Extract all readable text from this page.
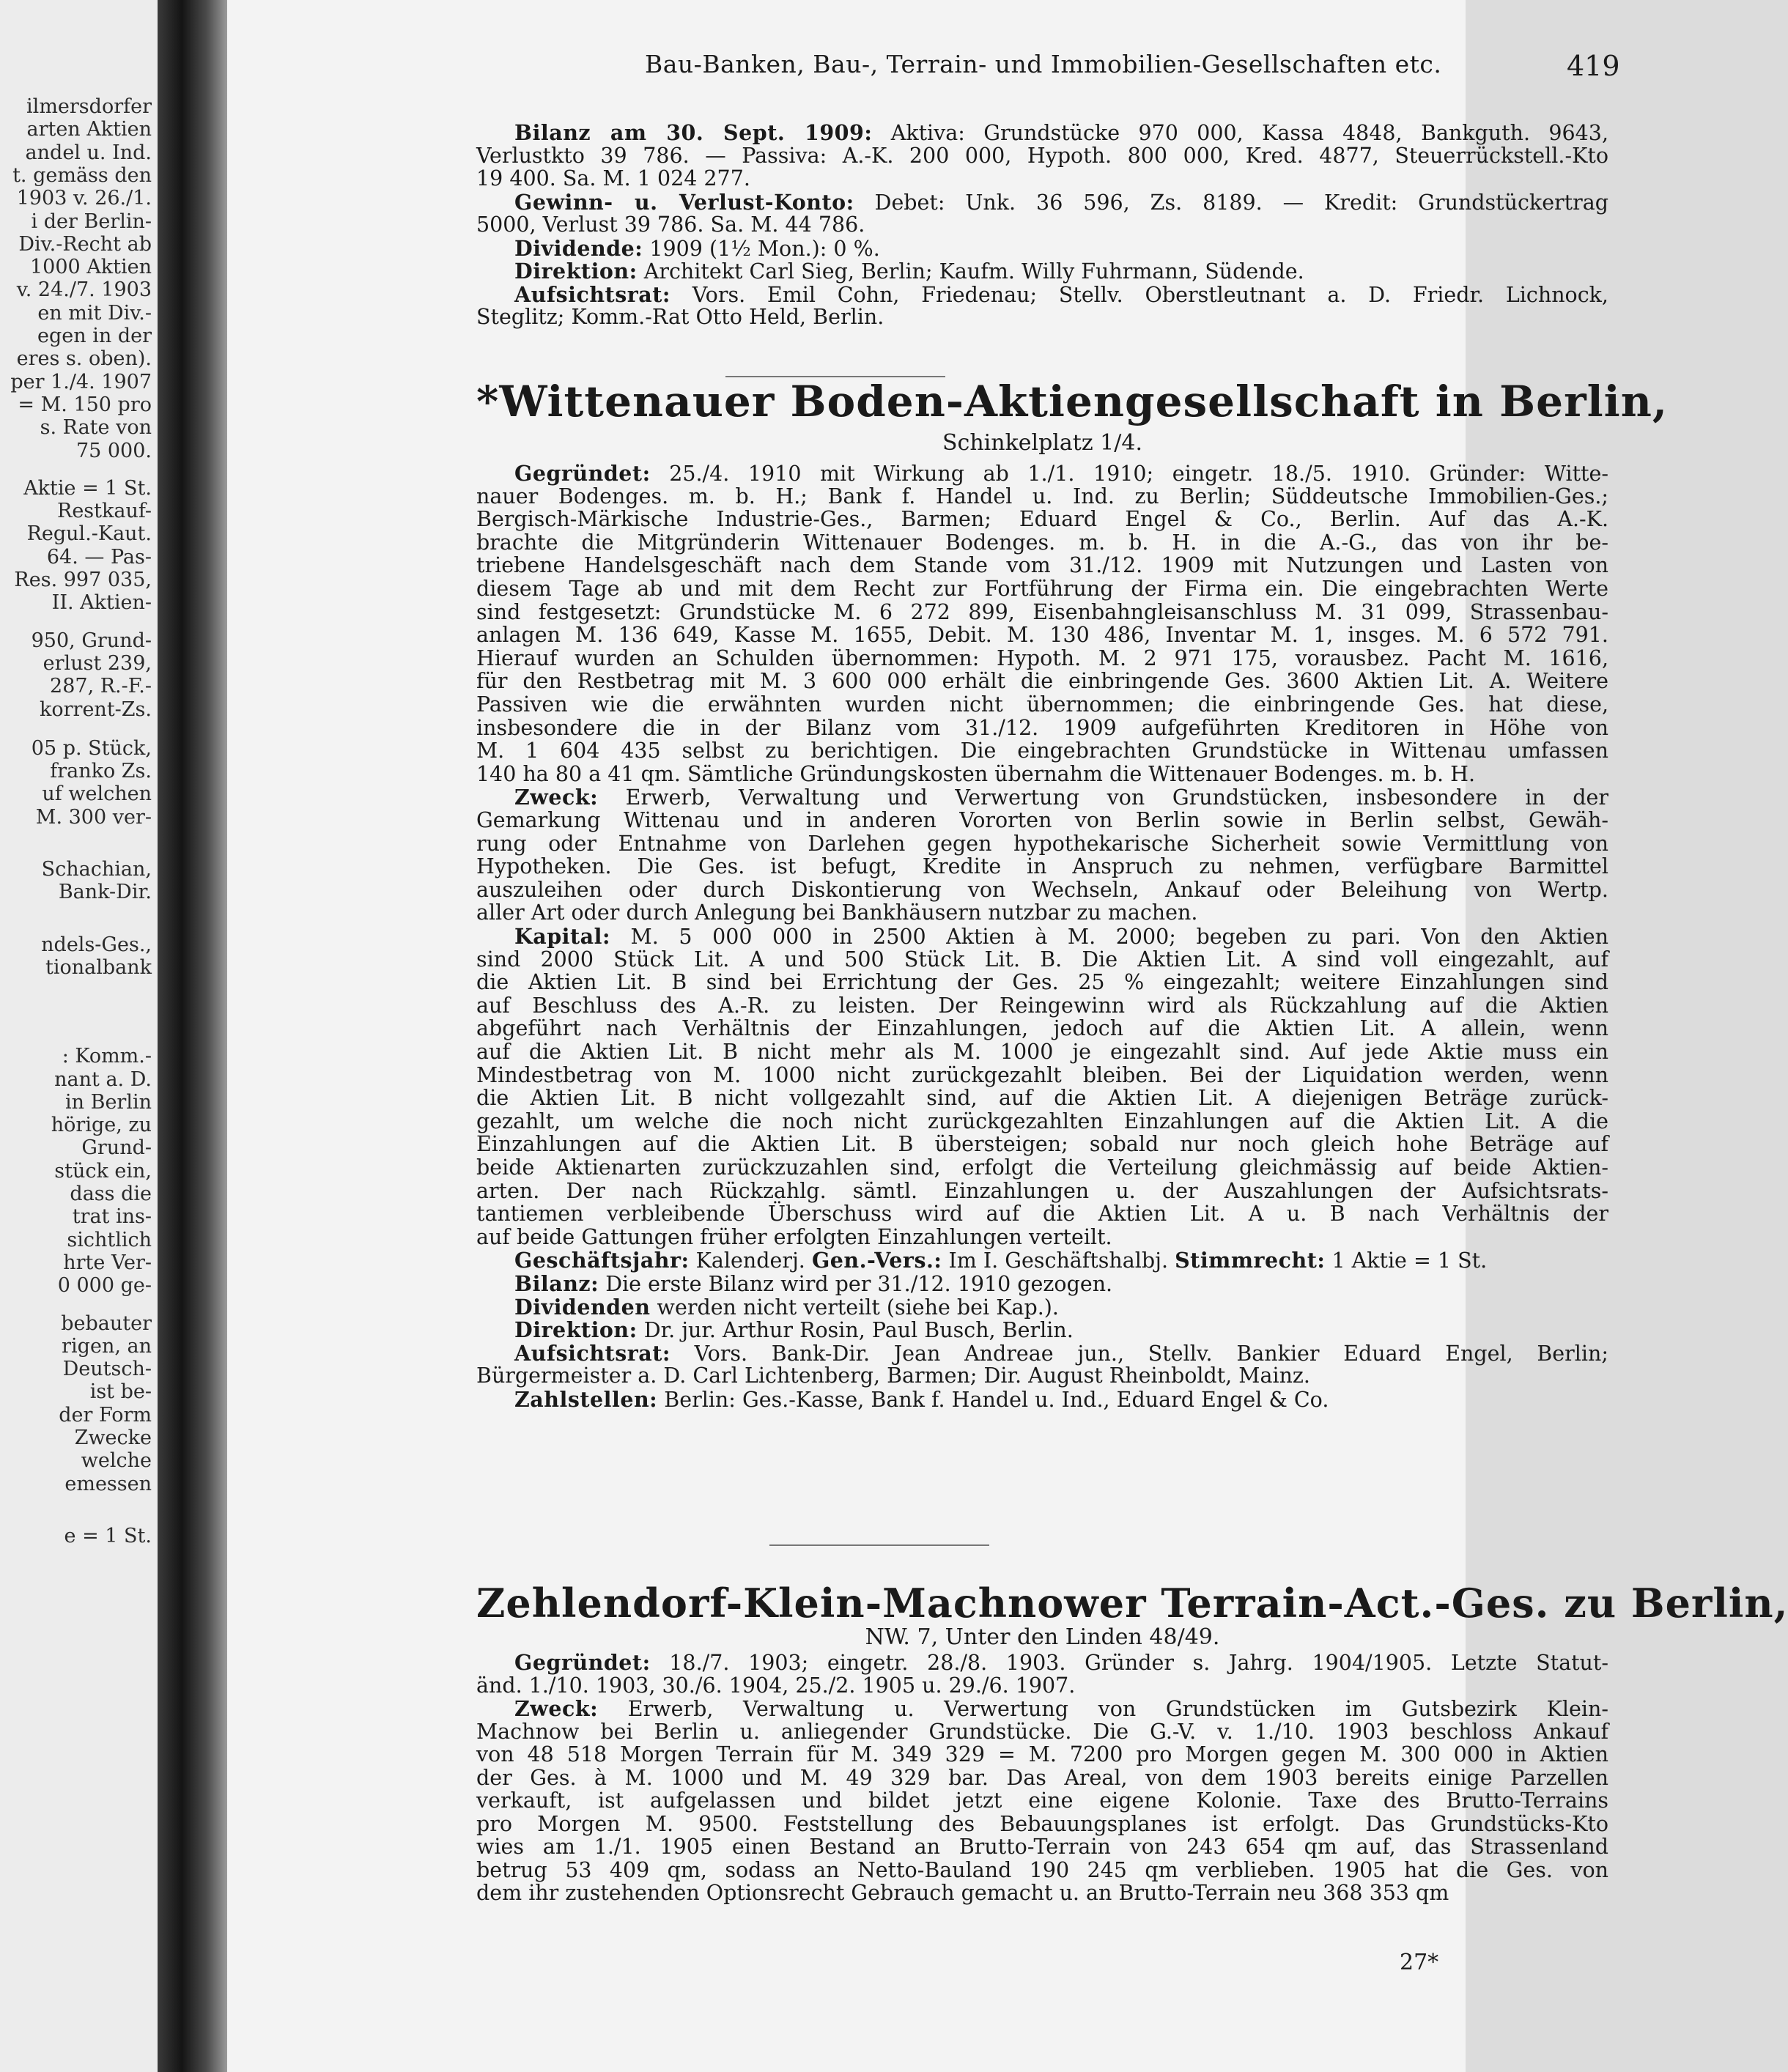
ilmersdorfer
arten Aktien
andel u. Ind.
t. gemäss den
1903 v. 26./1.
i der Berlin-
Div.-Recht ab
1000 Aktien
v. 24./7. 1903
en mit Div.-
egen in der
eres s. oben).
per 1./4. 1907
= M. 150 pro
s. Rate von
75 000.
Aktie = 1 St.
Restkauf-
Regul.-Kaut.
64. — Pas-
Res. 997 035,
II. Aktien-
950, Grund-
erlust 239,
287, R.-F.-
korrent-Zs.
05 p. Stück,
franko Zs.
uf welchen
M. 300 ver-
Schachian,
Bank-Dir.
ndels-Ges.,
tionalbank
: Komm.-
nant a. D.
in Berlin
hörige, zu
Grund-
stück ein,
dass die
trat ins-
sichtlich
hrte Ver-
0 000 ge-
bebauter
rigen, an
Deutsch-
ist be-
der Form
Zwecke
welche
emessen
e = 1 St.
Bau-Banken, Bau-, Terrain- und Immobilien-Gesellschaften etc.	419
Bilanz am 30. Sept. 1909: Aktiva: Grundstücke 970 000, Kassa 4848, Bankguth. 9643,
Verlustkto 39 786. — Passiva: A.-K. 200 000, Hypoth. 800 000, Kred. 4877, Steuerrückstell.-Kto
19 400. Sa. M. 1 024 277.
Gewinn- u. Verlust-Konto: Debet: Unk. 36 596, Zs. 8189. — Kredit: Grundstückertrag
5000, Verlust 39 786. Sa. M. 44 786.
Dividende: 1909 (1½ Mon.): 0 %.
Direktion: Architekt Carl Sieg, Berlin; Kaufm. Willy Fuhrmann, Südende.
Aufsichtsrat: Vors. Emil Cohn, Friedenau; Stellv. Oberstleutnant a. D. Friedr. Lichnock,
Steglitz; Komm.-Rat Otto Held, Berlin.
*Wittenauer Boden-Aktiengesellschaft in Berlin,
Schinkelplatz 1/4.
Gegründet: 25./4. 1910 mit Wirkung ab 1./1. 1910; eingetr. 18./5. 1910. Gründer: Witte-
nauer Bodenges. m. b. H.; Bank f. Handel u. Ind. zu Berlin; Süddeutsche Immobilien-Ges.;
Bergisch-Märkische Industrie-Ges., Barmen; Eduard Engel & Co., Berlin. Auf das A.-K.
brachte die Mitgründerin Wittenauer Bodenges. m. b. H. in die A.-G., das von ihr be-
triebene Handelsgeschäft nach dem Stande vom 31./12. 1909 mit Nutzungen und Lasten von
diesem Tage ab und mit dem Recht zur Fortführung der Firma ein. Die eingebrachten Werte
sind festgesetzt: Grundstücke M. 6 272 899, Eisenbahngleisanschluss M. 31 099, Strassenbau-
anlagen M. 136 649, Kasse M. 1655, Debit. M. 130 486, Inventar M. 1, insges. M. 6 572 791.
Hierauf wurden an Schulden übernommen: Hypoth. M. 2 971 175, vorausbez. Pacht M. 1616,
für den Restbetrag mit M. 3 600 000 erhält die einbringende Ges. 3600 Aktien Lit. A. Weitere
Passiven wie die erwähnten wurden nicht übernommen; die einbringende Ges. hat diese,
insbesondere die in der Bilanz vom 31./12. 1909 aufgeführten Kreditoren in Höhe von
M. 1 604 435 selbst zu berichtigen. Die eingebrachten Grundstücke in Wittenau umfassen
140 ha 80 a 41 qm. Sämtliche Gründungskosten übernahm die Wittenauer Bodenges. m. b. H.
Zweck: Erwerb, Verwaltung und Verwertung von Grundstücken, insbesondere in der
Gemarkung Wittenau und in anderen Vororten von Berlin sowie in Berlin selbst, Gewäh-
rung oder Entnahme von Darlehen gegen hypothekarische Sicherheit sowie Vermittlung von
Hypotheken. Die Ges. ist befugt, Kredite in Anspruch zu nehmen, verfügbare Barmittel
auszuleihen oder durch Diskontierung von Wechseln, Ankauf oder Beleihung von Wertp.
aller Art oder durch Anlegung bei Bankhäusern nutzbar zu machen.
Kapital: M. 5 000 000 in 2500 Aktien à M. 2000; begeben zu pari. Von den Aktien
sind 2000 Stück Lit. A und 500 Stück Lit. B. Die Aktien Lit. A sind voll eingezahlt, auf
die Aktien Lit. B sind bei Errichtung der Ges. 25 % eingezahlt; weitere Einzahlungen sind
auf Beschluss des A.-R. zu leisten. Der Reingewinn wird als Rückzahlung auf die Aktien
abgeführt nach Verhältnis der Einzahlungen, jedoch auf die Aktien Lit. A allein, wenn
auf die Aktien Lit. B nicht mehr als M. 1000 je eingezahlt sind. Auf jede Aktie muss ein
Mindestbetrag von M. 1000 nicht zurückgezahlt bleiben. Bei der Liquidation werden, wenn
die Aktien Lit. B nicht vollgezahlt sind, auf die Aktien Lit. A diejenigen Beträge zurück-
gezahlt, um welche die noch nicht zurückgezahlten Einzahlungen auf die Aktien Lit. A die
Einzahlungen auf die Aktien Lit. B übersteigen; sobald nur noch gleich hohe Beträge auf
beide Aktienarten zurückzuzahlen sind, erfolgt die Verteilung gleichmässig auf beide Aktien-
arten. Der nach Rückzahlg. sämtl. Einzahlungen u. der Auszahlungen der Aufsichtsrats-
tantiemen verbleibende Überschuss wird auf die Aktien Lit. A u. B nach Verhältnis der
auf beide Gattungen früher erfolgten Einzahlungen verteilt.
Geschäftsjahr: Kalenderj. Gen.-Vers.: Im I. Geschäftshalbj. Stimmrecht: 1 Aktie = 1 St.
Bilanz: Die erste Bilanz wird per 31./12. 1910 gezogen.
Dividenden werden nicht verteilt (siehe bei Kap.).
Direktion: Dr. jur. Arthur Rosin, Paul Busch, Berlin.
Aufsichtsrat: Vors. Bank-Dir. Jean Andreae jun., Stellv. Bankier Eduard Engel, Berlin;
Bürgermeister a. D. Carl Lichtenberg, Barmen; Dir. August Rheinboldt, Mainz.
Zahlstellen: Berlin: Ges.-Kasse, Bank f. Handel u. Ind., Eduard Engel & Co.
Zehlendorf-Klein-Machnower Terrain-Act.-Ges. zu Berlin,
NW. 7, Unter den Linden 48/49.
Gegründet: 18./7. 1903; eingetr. 28./8. 1903. Gründer s. Jahrg. 1904/1905. Letzte Statut-
änd. 1./10. 1903, 30./6. 1904, 25./2. 1905 u. 29./6. 1907.
Zweck: Erwerb, Verwaltung u. Verwertung von Grundstücken im Gutsbezirk Klein-
Machnow bei Berlin u. anliegender Grundstücke. Die G.-V. v. 1./10. 1903 beschloss Ankauf
von 48 518 Morgen Terrain für M. 349 329 = M. 7200 pro Morgen gegen M. 300 000 in Aktien
der Ges. à M. 1000 und M. 49 329 bar. Das Areal, von dem 1903 bereits einige Parzellen
verkauft, ist aufgelassen und bildet jetzt eine eigene Kolonie. Taxe des Brutto-Terrains
pro Morgen M. 9500. Feststellung des Bebauungsplanes ist erfolgt. Das Grundstücks-Kto
wies am 1./1. 1905 einen Bestand an Brutto-Terrain von 243 654 qm auf, das Strassenland
betrug 53 409 qm, sodass an Netto-Bauland 190 245 qm verblieben. 1905 hat die Ges. von
dem ihr zustehenden Optionsrecht Gebrauch gemacht u. an Brutto-Terrain neu 368 353 qm
27*
